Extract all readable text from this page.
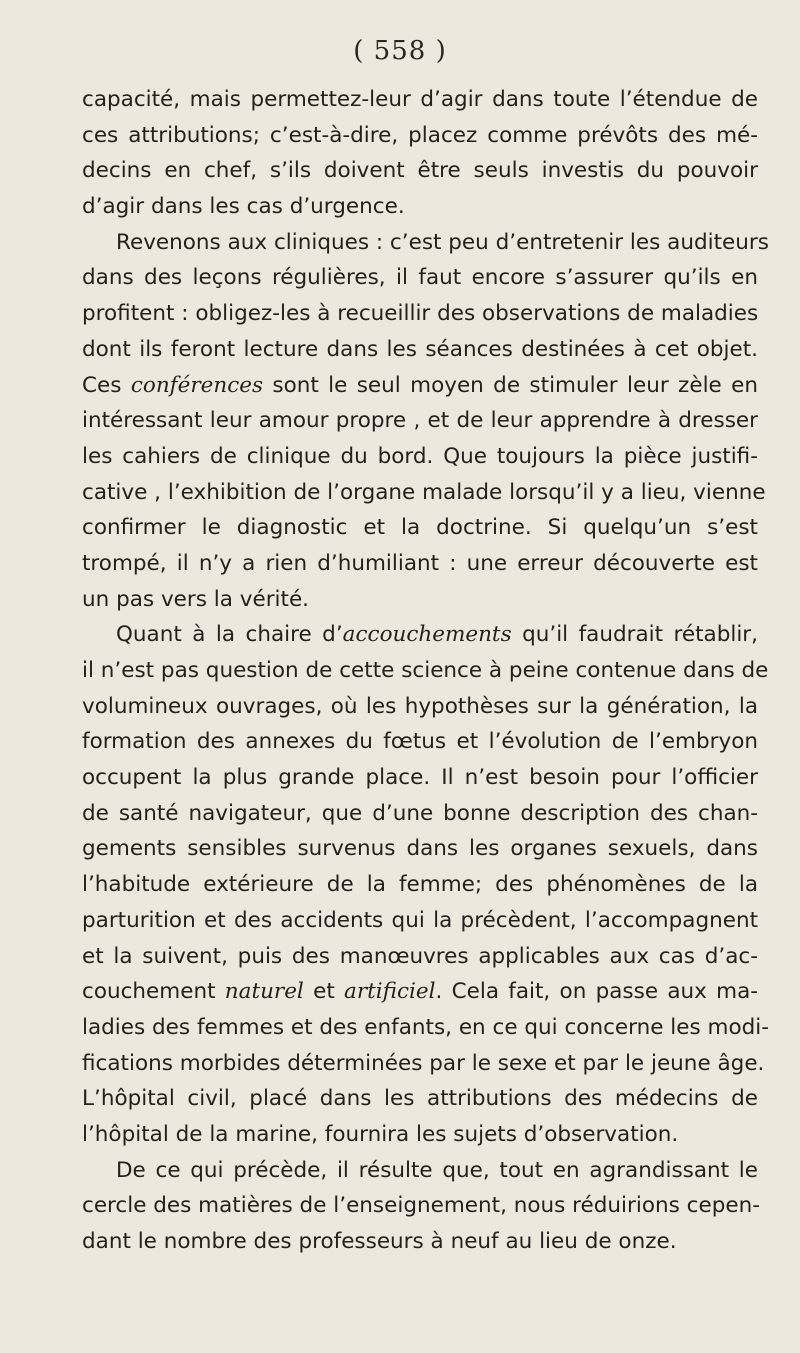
( 558 )
capacité, mais permettez-leur d’agir dans toute l’étendue de
ces attributions; c’est-à-dire, placez comme prévôts des mé-
decins en chef, s’ils doivent être seuls investis du pouvoir
d’agir dans les cas d’urgence.
Revenons aux cliniques : c’est peu d’entretenir les auditeurs
dans des leçons régulières, il faut encore s’assurer qu’ils en
profitent : obligez-les à recueillir des observations de maladies
dont ils feront lecture dans les séances destinées à cet objet.
Ces conférences sont le seul moyen de stimuler leur zèle en
intéressant leur amour propre , et de leur apprendre à dresser
les cahiers de clinique du bord. Que toujours la pièce justifi-
cative , l’exhibition de l’organe malade lorsqu’il y a lieu, vienne
confirmer le diagnostic et la doctrine. Si quelqu’un s’est
trompé, il n’y a rien d’humiliant : une erreur découverte est
un pas vers la vérité.
Quant à la chaire d’accouchements qu’il faudrait rétablir,
il n’est pas question de cette science à peine contenue dans de
volumineux ouvrages, où les hypothèses sur la génération, la
formation des annexes du fœtus et l’évolution de l’embryon
occupent la plus grande place. Il n’est besoin pour l’officier
de santé navigateur, que d’une bonne description des chan-
gements sensibles survenus dans les organes sexuels, dans
l’habitude extérieure de la femme; des phénomènes de la
parturition et des accidents qui la précèdent, l’accompagnent
et la suivent, puis des manœuvres applicables aux cas d’ac-
couchement naturel et artificiel. Cela fait, on passe aux ma-
ladies des femmes et des enfants, en ce qui concerne les modi-
fications morbides déterminées par le sexe et par le jeune âge.
L’hôpital civil, placé dans les attributions des médecins de
l’hôpital de la marine, fournira les sujets d’observation.
De ce qui précède, il résulte que, tout en agrandissant le
cercle des matières de l’enseignement, nous réduirions cepen-
dant le nombre des professeurs à neuf au lieu de onze.
